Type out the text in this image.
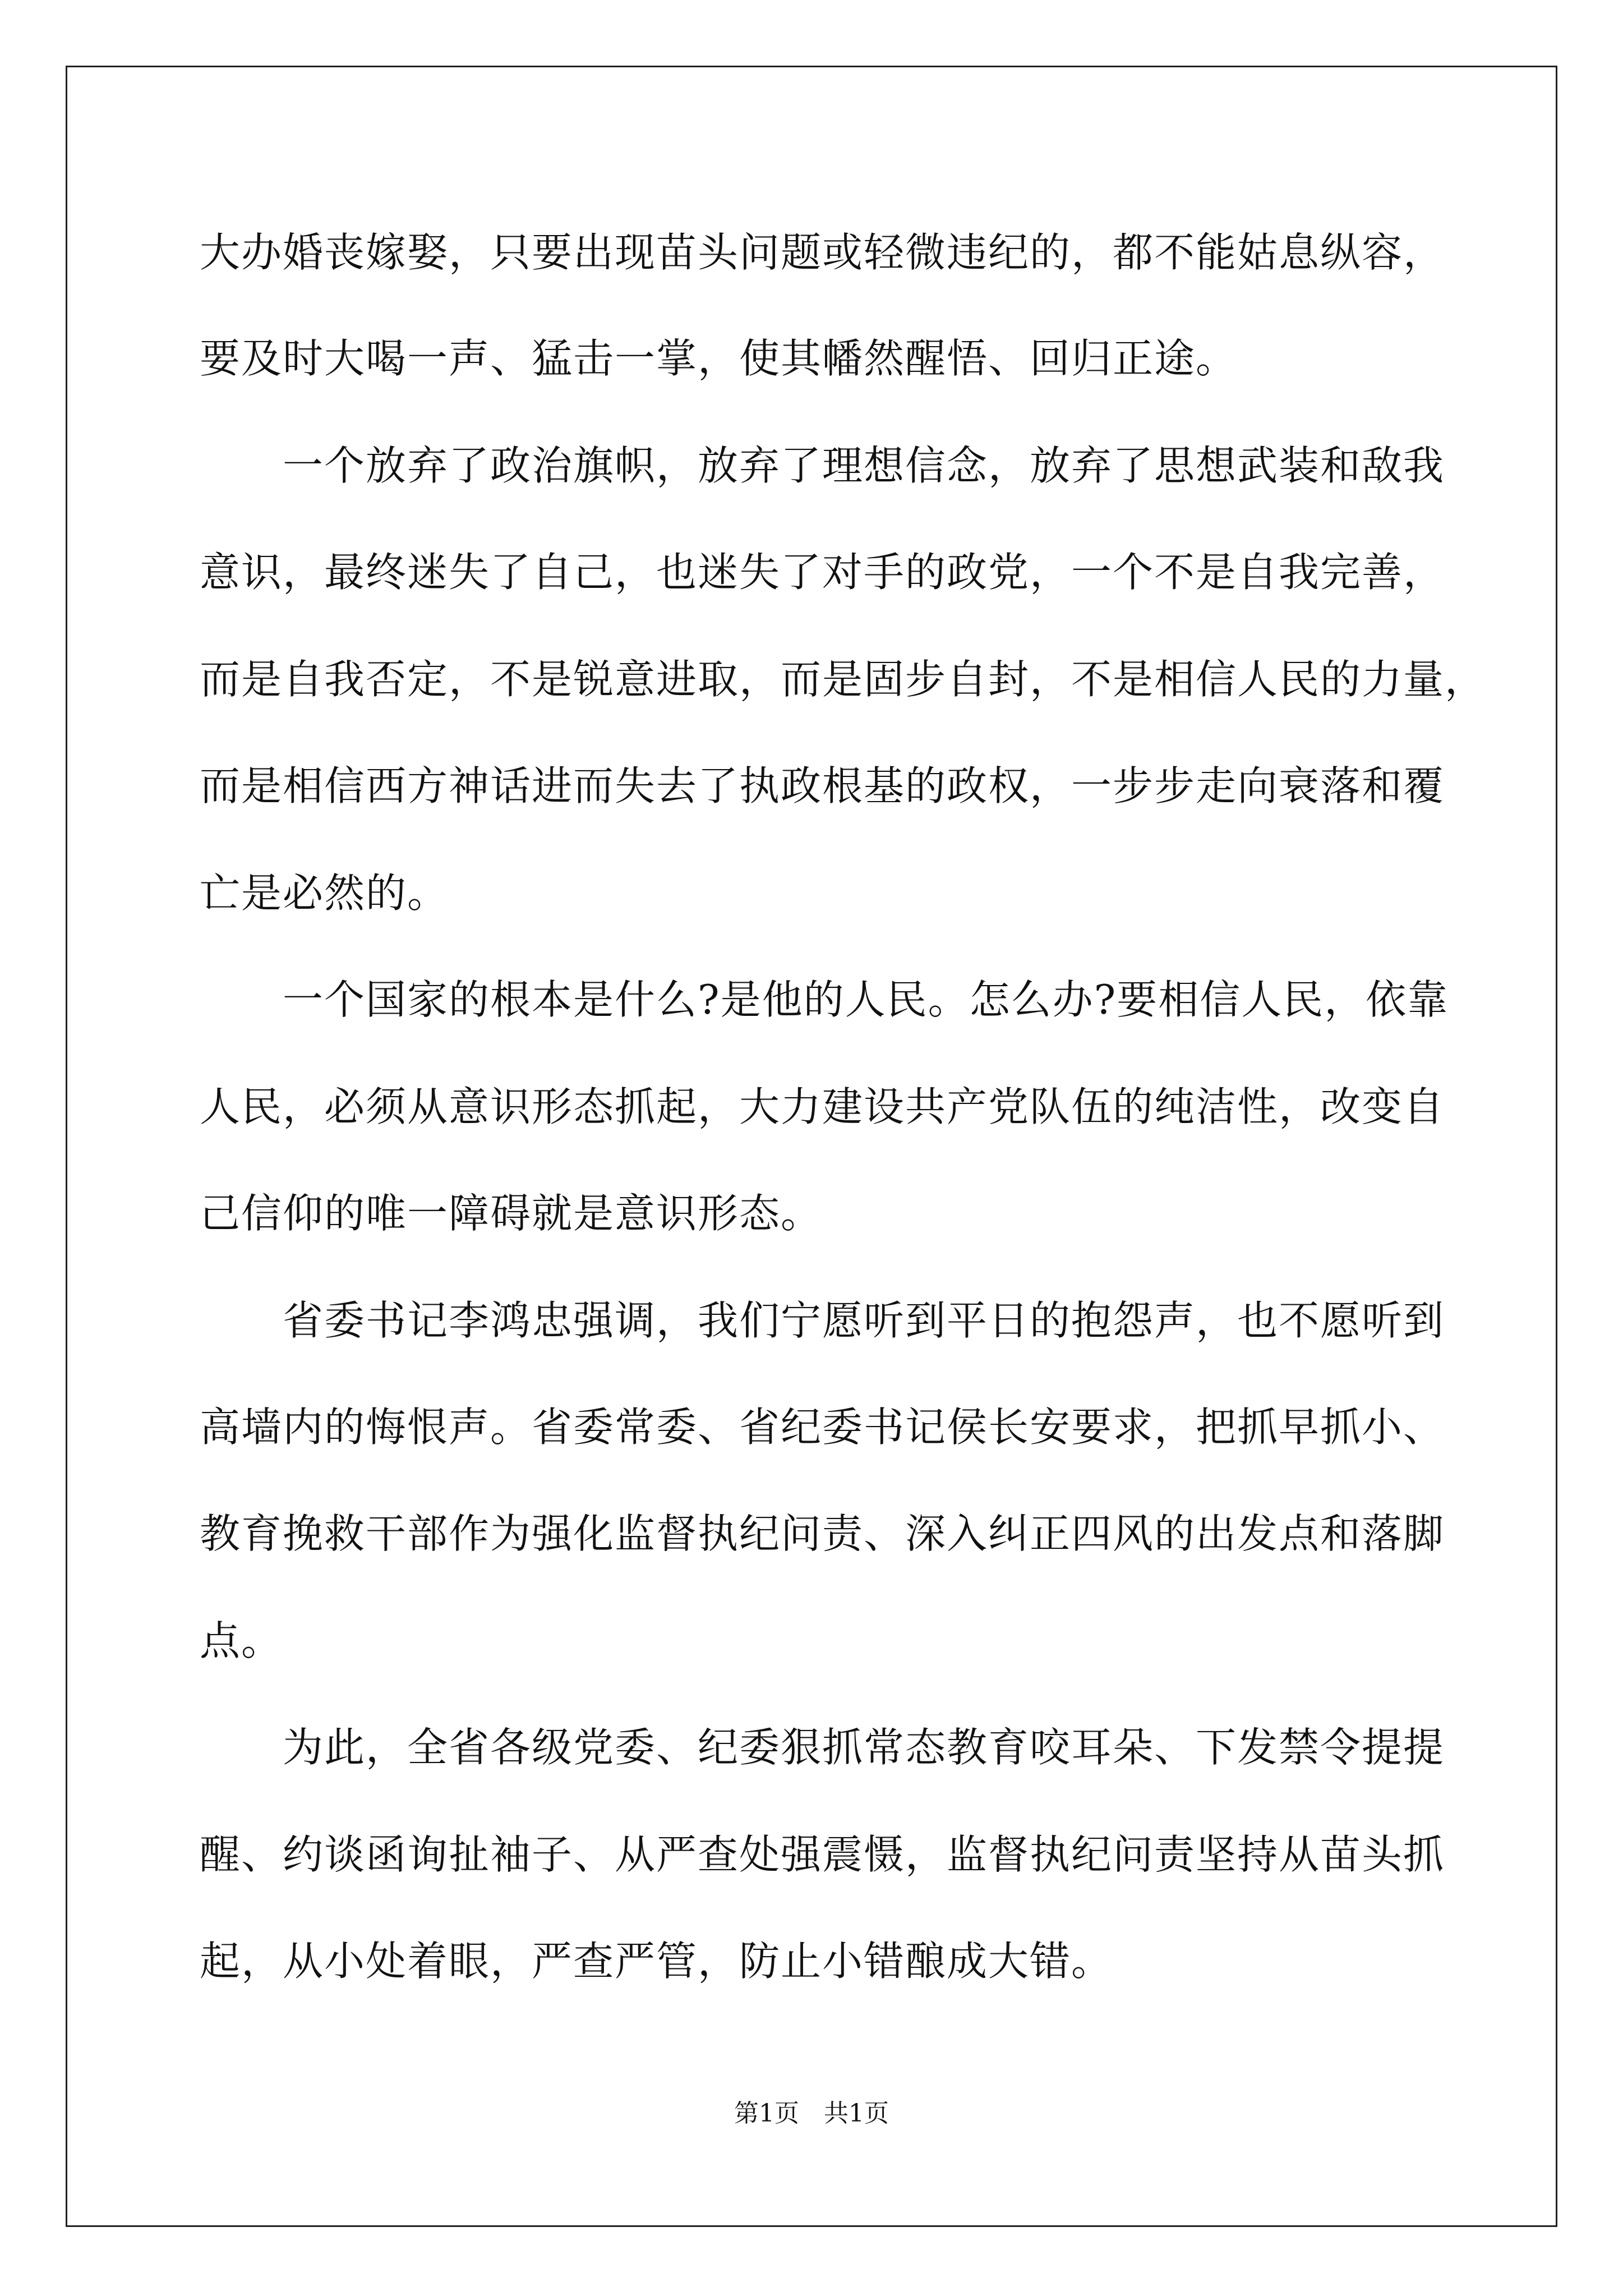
大办婚丧嫁娶，只要出现苗头问题或轻微违纪的，都不能姑息纵容，
要及时大喝一声、猛击一掌，使其幡然醒悟、回归正途。
　　一个放弃了政治旗帜，放弃了理想信念，放弃了思想武装和敌我
意识，最终迷失了自己，也迷失了对手的政党，一个不是自我完善，
而是自我否定，不是锐意进取，而是固步自封，不是相信人民的力量，
而是相信西方神话进而失去了执政根基的政权，一步步走向衰落和覆
亡是必然的。
　　一个国家的根本是什么?是他的人民。怎么办?要相信人民，依靠
人民，必须从意识形态抓起，大力建设共产党队伍的纯洁性，改变自
己信仰的唯一障碍就是意识形态。
　　省委书记李鸿忠强调，我们宁愿听到平日的抱怨声，也不愿听到
高墙内的悔恨声。省委常委、省纪委书记侯长安要求，把抓早抓小、
教育挽救干部作为强化监督执纪问责、深入纠正四风的出发点和落脚
点。
　　为此，全省各级党委、纪委狠抓常态教育咬耳朵、下发禁令提提
醒、约谈函询扯袖子、从严查处强震慑，监督执纪问责坚持从苗头抓
起，从小处着眼，严查严管，防止小错酿成大错。
第1页　共1页
